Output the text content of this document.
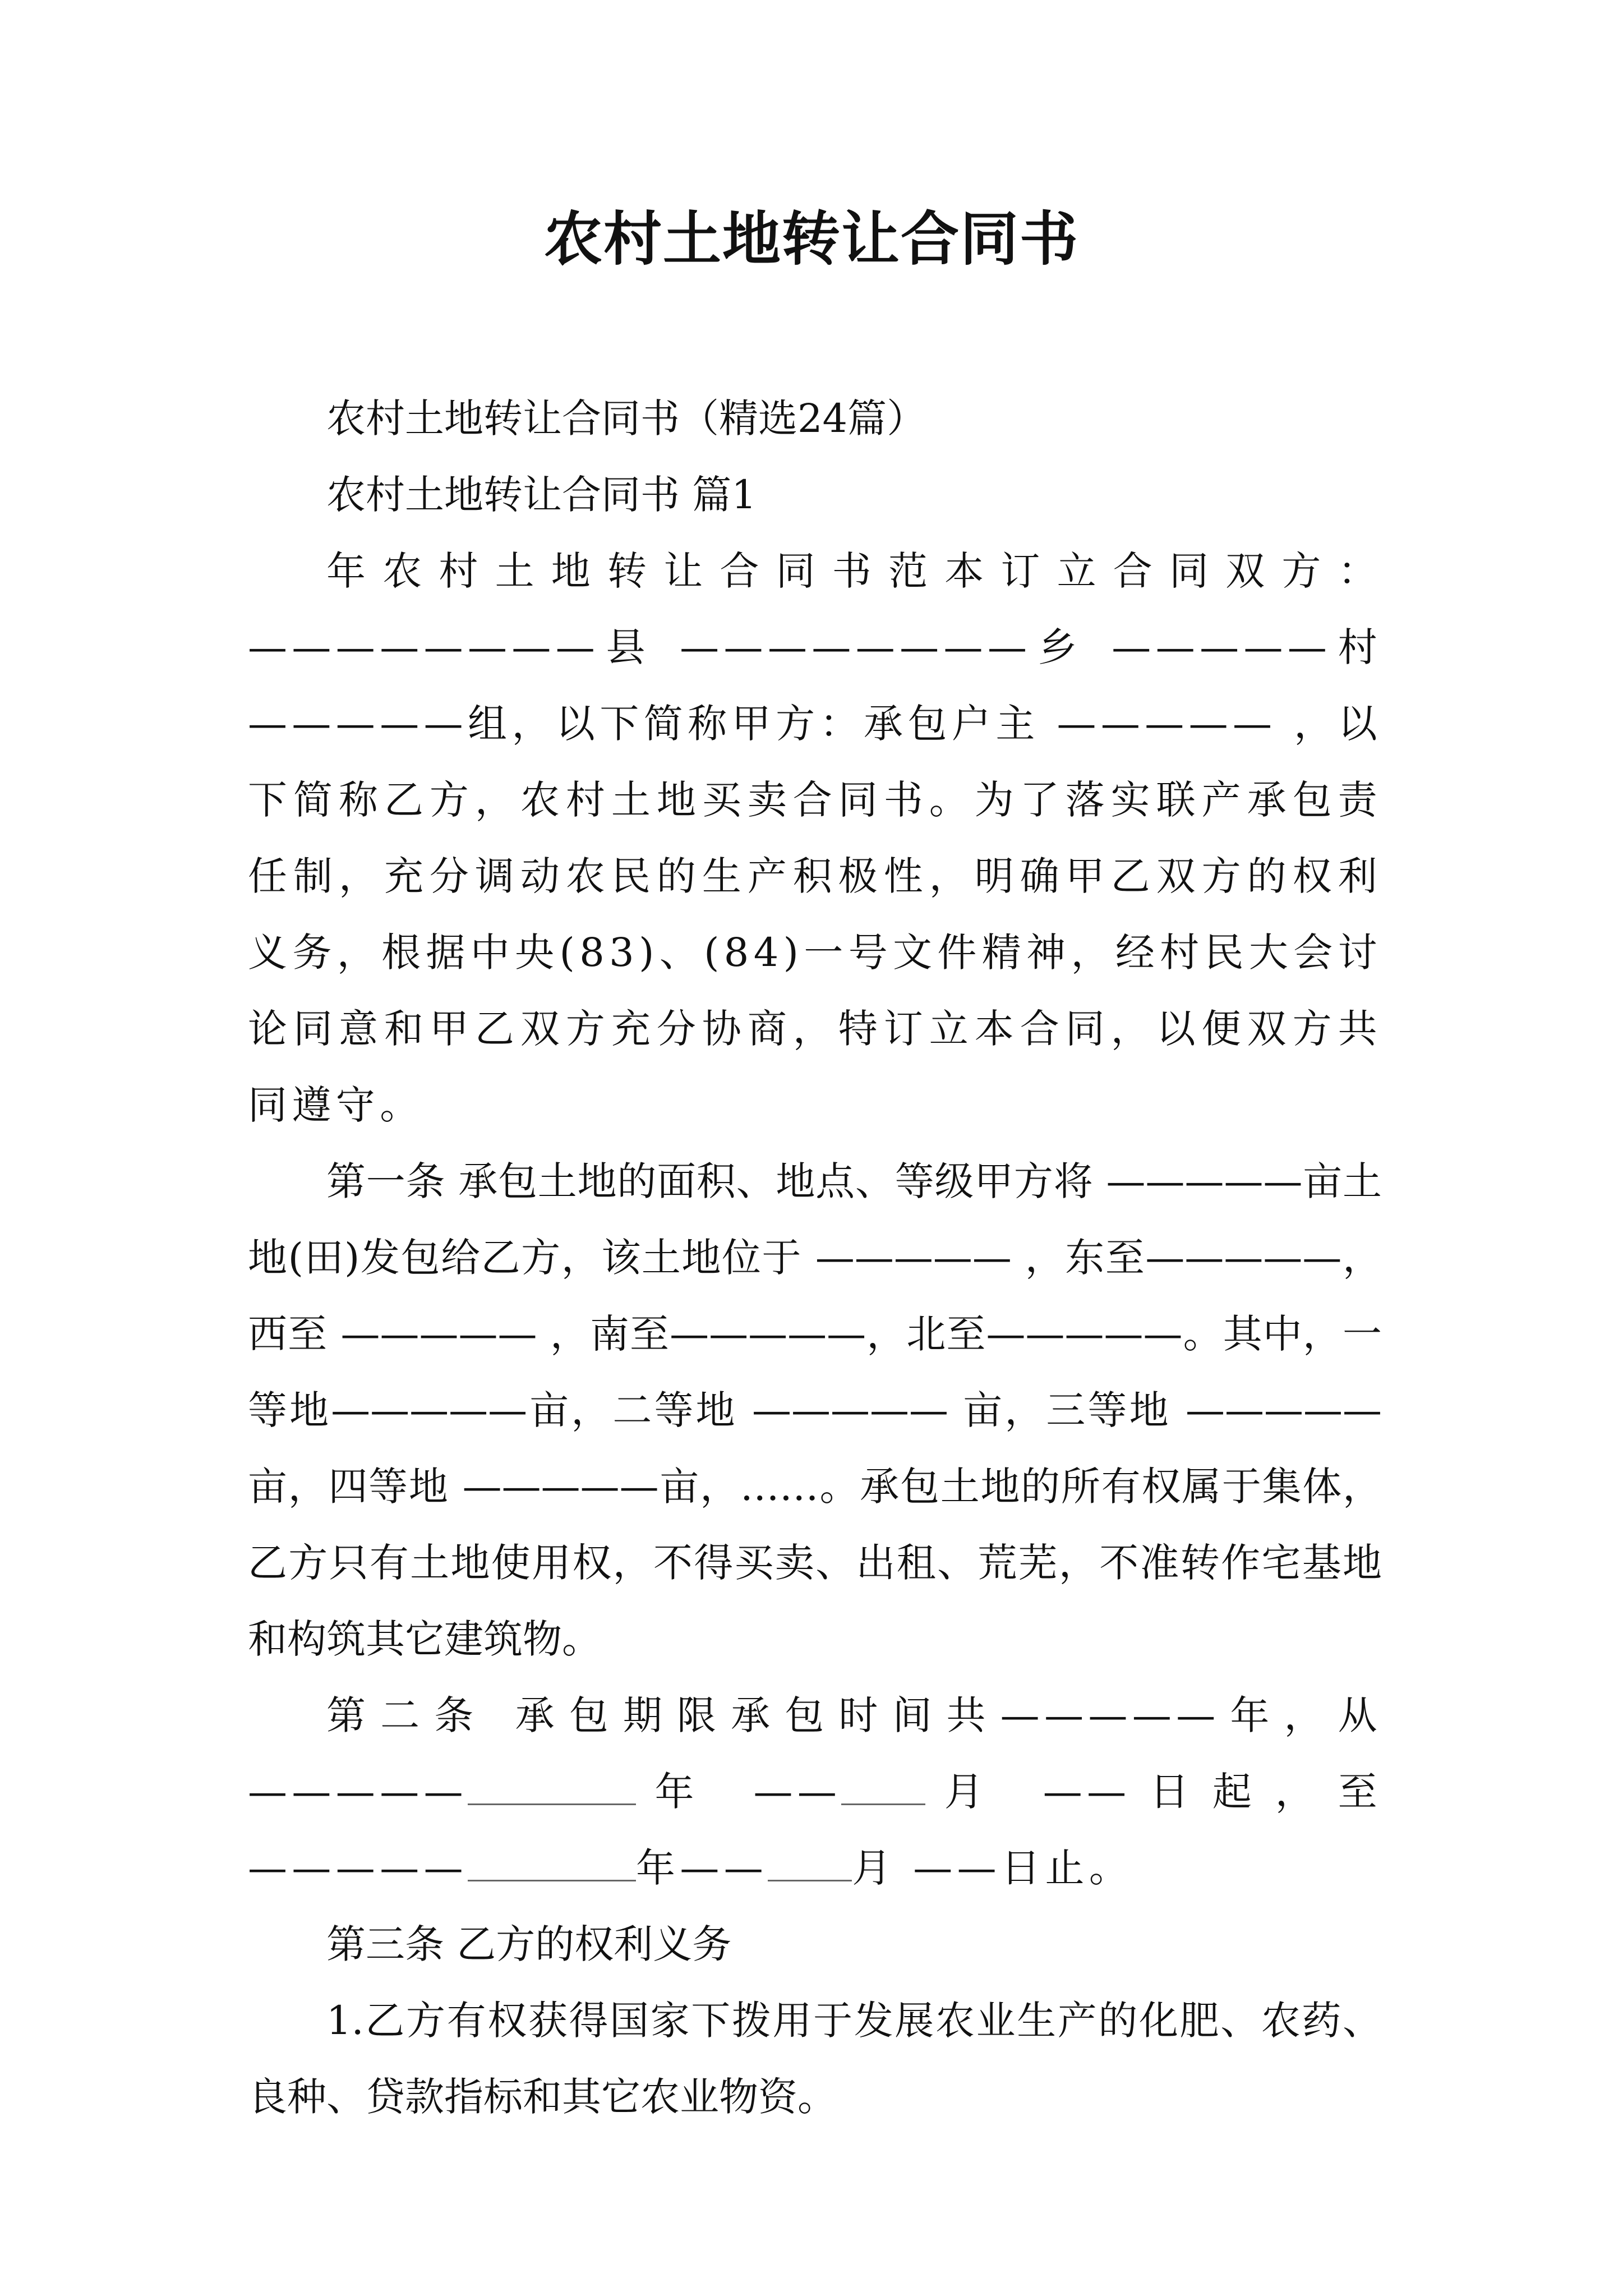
农村土地转让合同书

农村土地转让合同书（精选24篇）

农村土地转让合同书 篇1

年农村土地转让合同书范本订立合同双方：————————县 ————————乡 —————村—————组，以下简称甲方：承包户主 ————— ，以下简称乙方，农村土地买卖合同书。为了落实联产承包责任制，充分调动农民的生产积极性，明确甲乙双方的权利义务，根据中央(83)、(84)一号文件精神，经村民大会讨论同意和甲乙双方充分协商，特订立本合同，以便双方共同遵守。

第一条 承包土地的面积、地点、等级甲方将 —————亩土地(田)发包给乙方，该土地位于 ————— ，东至—————， 西至 ————— ，南至—————，北至—————。其中，一等地—————亩，二等地 ————— 亩，三等地 ————— 亩，四等地 —————亩，……。承包土地的所有权属于集体，乙方只有土地使用权，不得买卖、出租、荒芜，不准转作宅基地和构筑其它建筑物。

第二条 承包期限承包时间共—————年，从—————	年 —— 月 ——日起，至—————	年—— 月 ——日止。

第三条 乙方的权利义务

1.乙方有权获得国家下拨用于发展农业生产的化肥、农药、良种、贷款指标和其它农业物资。
